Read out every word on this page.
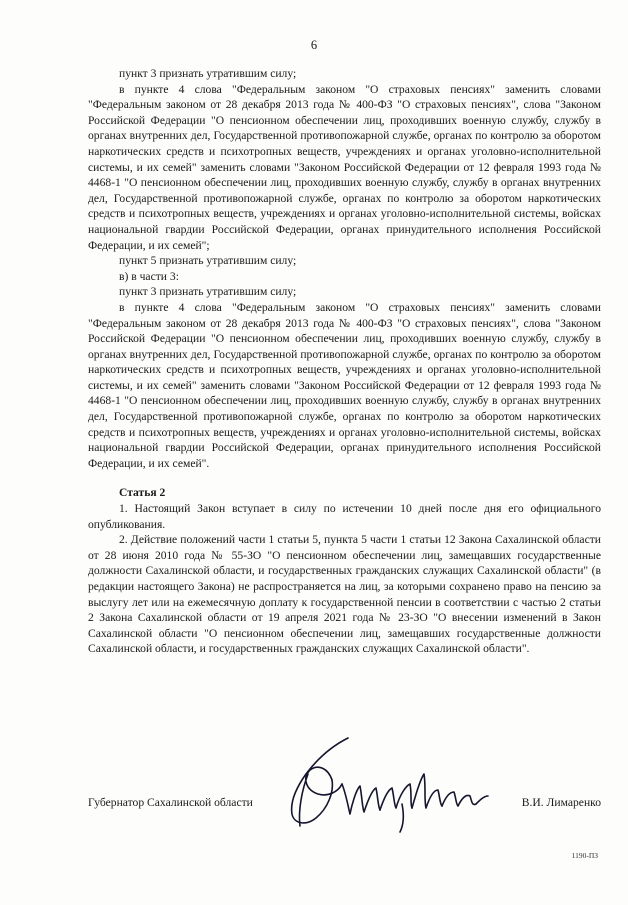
6

пункт 3 признать утратившим силу;

в пункте 4 слова "Федеральным законом "О страховых пенсиях" заменить словами "Федеральным законом от 28 декабря 2013 года № 400-ФЗ "О страховых пенсиях", слова "Законом Российской Федерации "О пенсионном обеспечении лиц, проходивших военную службу, службу в органах внутренних дел, Государственной противопожарной службе, органах по контролю за оборотом наркотических средств и психотропных веществ, учреждениях и органах уголовно-исполнительной системы, и их семей" заменить словами "Законом Российской Федерации от 12 февраля 1993 года № 4468-1 "О пенсионном обеспечении лиц, проходивших военную службу, службу в органах внутренних дел, Государственной противопожарной службе, органах по контролю за оборотом наркотических средств и психотропных веществ, учреждениях и органах уголовно-исполнительной системы, войсках национальной гвардии Российской Федерации, органах принудительного исполнения Российской Федерации, и их семей";

пункт 5 признать утратившим силу;

в) в части 3:

пункт 3 признать утратившим силу;

в пункте 4 слова "Федеральным законом "О страховых пенсиях" заменить словами "Федеральным законом от 28 декабря 2013 года № 400-ФЗ "О страховых пенсиях", слова "Законом Российской Федерации "О пенсионном обеспечении лиц, проходивших военную службу, службу в органах внутренних дел, Государственной противопожарной службе, органах по контролю за оборотом наркотических средств и психотропных веществ, учреждениях и органах уголовно-исполнительной системы, и их семей" заменить словами "Законом Российской Федерации от 12 февраля 1993 года № 4468-1 "О пенсионном обеспечении лиц, проходивших военную службу, службу в органах внутренних дел, Государственной противопожарной службе, органах по контролю за оборотом наркотических средств и психотропных веществ, учреждениях и органах уголовно-исполнительной системы, войсках национальной гвардии Российской Федерации, органах принудительного исполнения Российской Федерации, и их семей".

Статья 2

1. Настоящий Закон вступает в силу по истечении 10 дней после дня его официального опубликования.

2. Действие положений части 1 статьи 5, пункта 5 части 1 статьи 12 Закона Сахалинской области от 28 июня 2010 года № 55-ЗО "О пенсионном обеспечении лиц, замещавших государственные должности Сахалинской области, и государственных гражданских служащих Сахалинской области" (в редакции настоящего Закона) не распространяется на лиц, за которыми сохранено право на пенсию за выслугу лет или на ежемесячную доплату к государственной пенсии в соответствии с частью 2 статьи 2 Закона Сахалинской области от 19 апреля 2021 года № 23-ЗО "О внесении изменений в Закон Сахалинской области "О пенсионном обеспечении лиц, замещавших государственные должности Сахалинской области, и государственных гражданских служащих Сахалинской области".

Губернатор Сахалинской области	В.И. Лимаренко
1190-ПЗ
